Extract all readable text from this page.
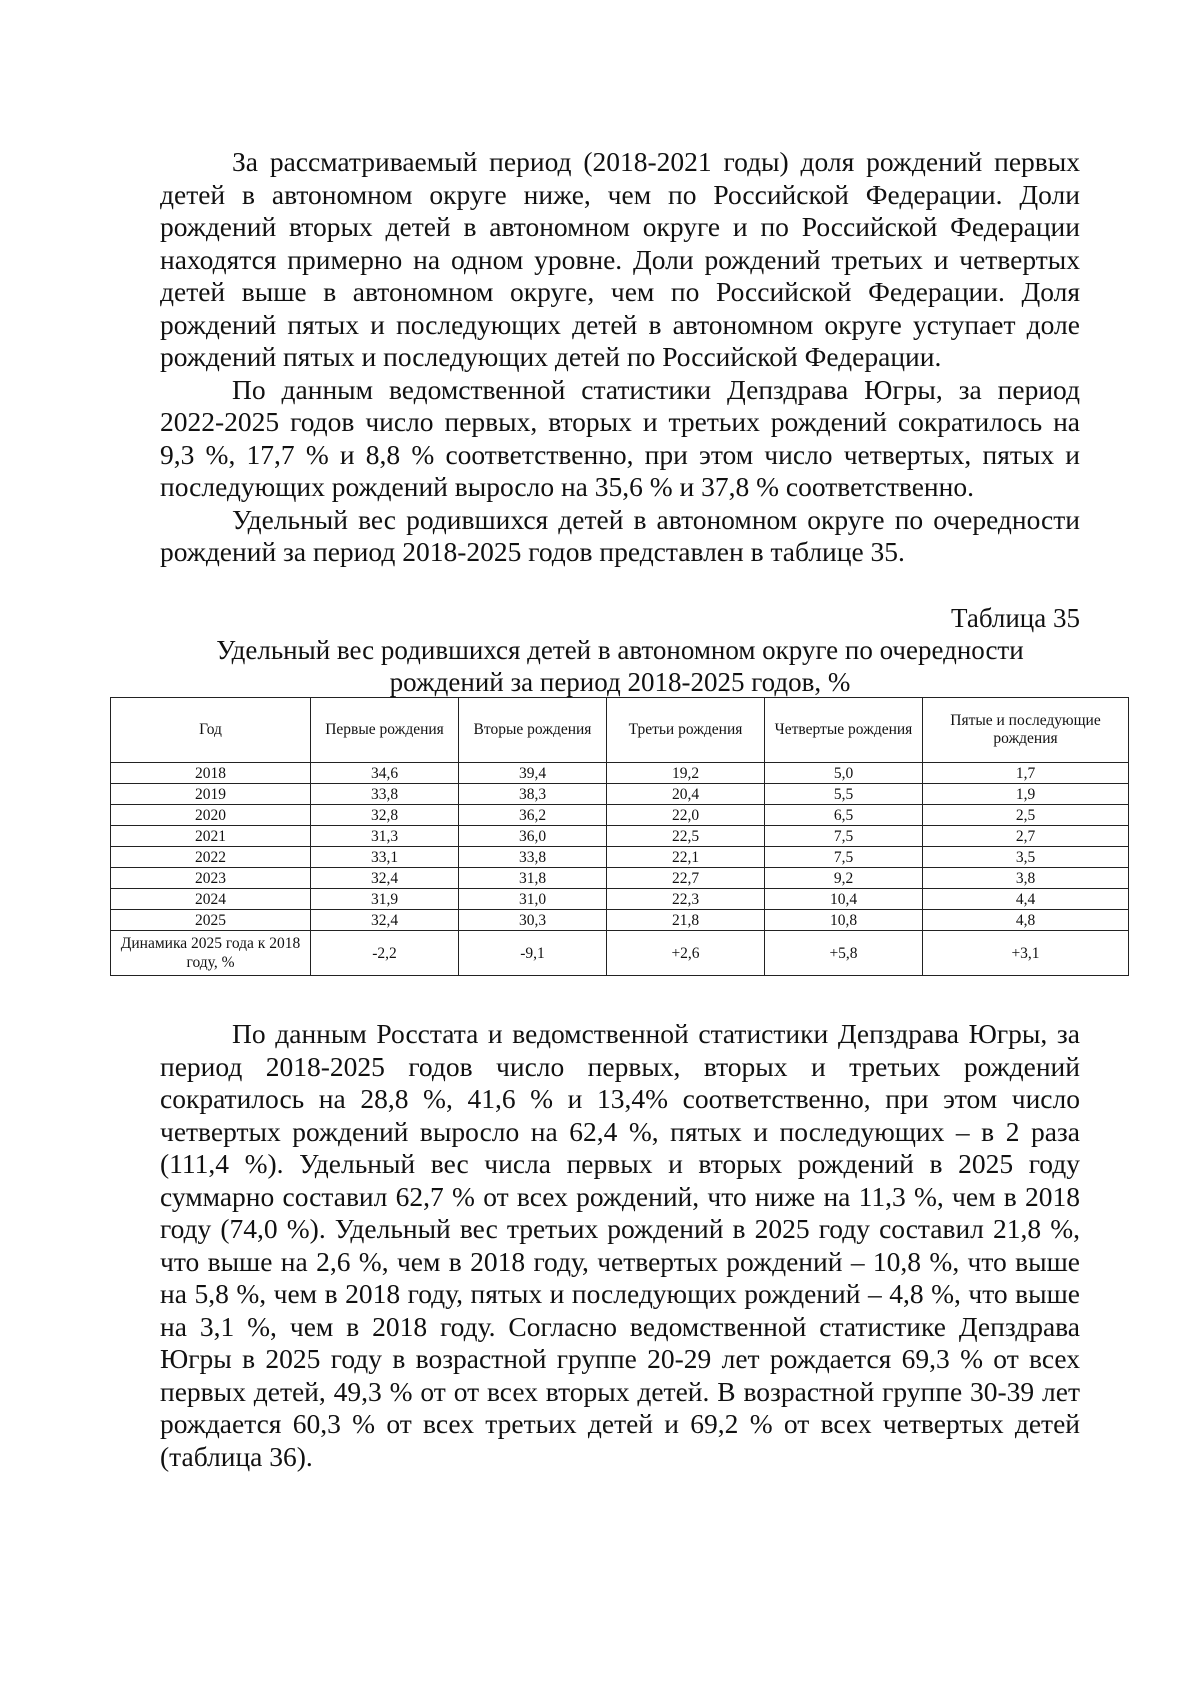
За рассматриваемый период (2018-2021 годы) доля рождений первых детей в автономном округе ниже, чем по Российской Федерации. Доли рождений вторых детей в автономном округе и по Российской Федерации находятся примерно на одном уровне. Доли рождений третьих и четвертых детей выше в автономном округе, чем по Российской Федерации. Доля рождений пятых и последующих детей в автономном округе уступает доле рождений пятых и последующих детей по Российской Федерации.

По данным ведомственной статистики Депздрава Югры, за период 2022-2025 годов число первых, вторых и третьих рождений сократилось на 9,3 %, 17,7 % и 8,8 % соответственно, при этом число четвертых, пятых и последующих рождений выросло на 35,6 % и 37,8 % соответственно.

Удельный вес родившихся детей в автономном округе по очередности рождений за период 2018-2025 годов представлен в таблице 35.

Таблица 35
Удельный вес родившихся детей в автономном округе по очередности рождений за период 2018-2025 годов, %
Год	Первые рождения	Вторые рождения	Третьи рождения	Четвертые рождения	Пятые и последующие рождения
2018	34,6	39,4	19,2	5,0	1,7
2019	33,8	38,3	20,4	5,5	1,9
2020	32,8	36,2	22,0	6,5	2,5
2021	31,3	36,0	22,5	7,5	2,7
2022	33,1	33,8	22,1	7,5	3,5
2023	32,4	31,8	22,7	9,2	3,8
2024	31,9	31,0	22,3	10,4	4,4
2025	32,4	30,3	21,8	10,8	4,8
Динамика 2025 года к 2018 году, %	-2,2	-9,1	+2,6	+5,8	+3,1

По данным Росстата и ведомственной статистики Депздрава Югры, за период 2018-2025 годов число первых, вторых и третьих рождений сократилось на 28,8 %, 41,6 % и 13,4% соответственно, при этом число четвертых рождений выросло на 62,4 %, пятых и последующих – в 2 раза (111,4 %). Удельный вес числа первых и вторых рождений в 2025 году суммарно составил 62,7 % от всех рождений, что ниже на 11,3 %, чем в 2018 году (74,0 %). Удельный вес третьих рождений в 2025 году составил 21,8 %, что выше на 2,6 %, чем в 2018 году, четвертых рождений – 10,8 %, что выше на 5,8 %, чем в 2018 году, пятых и последующих рождений – 4,8 %, что выше на 3,1 %, чем в 2018 году. Согласно ведомственной статистике Депздрава Югры в 2025 году в возрастной группе 20-29 лет рождается 69,3 % от всех первых детей, 49,3 % от от всех вторых детей. В возрастной группе 30-39 лет рождается 60,3 % от всех третьих детей и 69,2 % от всех четвертых детей (таблица 36).
